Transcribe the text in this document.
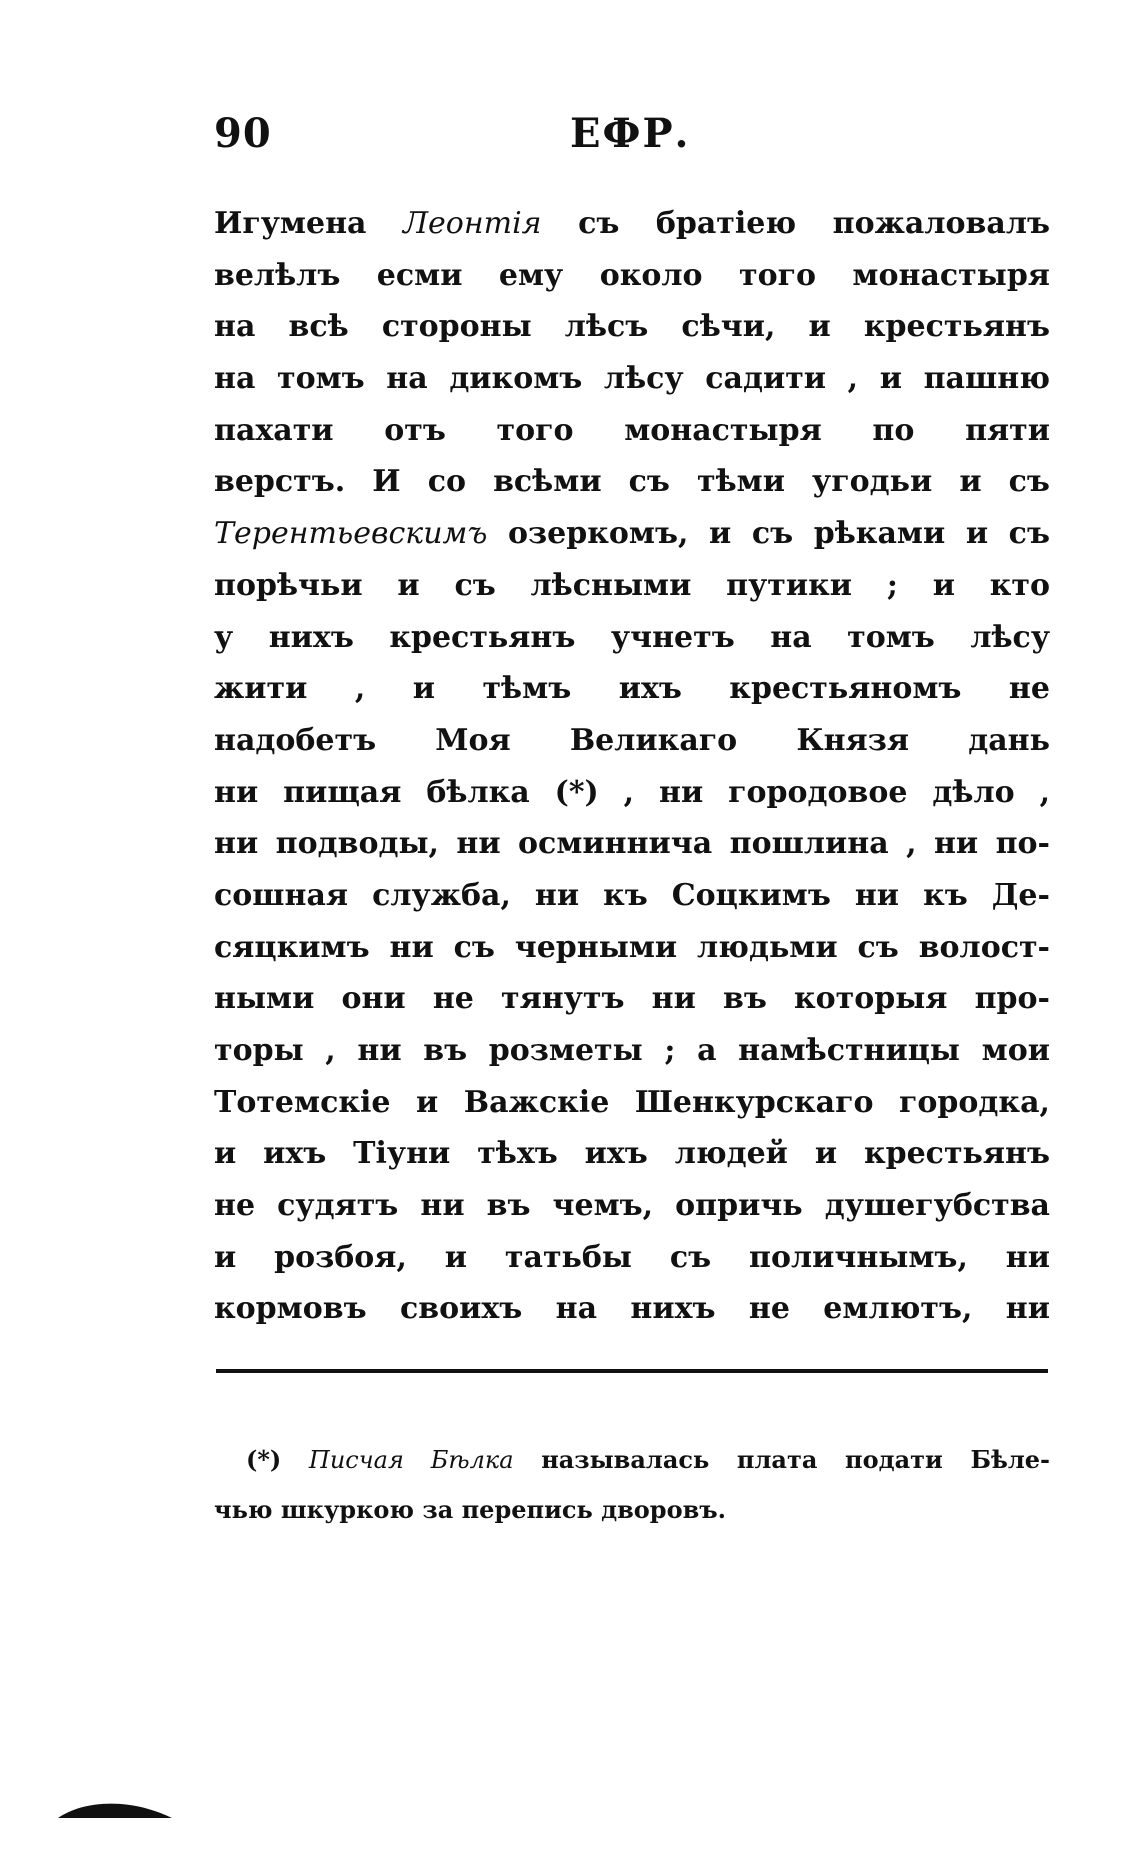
90	ЕФР.
Игумена Леонтiя съ братiею пожаловалъ
велѣлъ есми ему около того монастыря
на всѣ стороны лѣсъ сѣчи, и крестьянъ
на томъ на дикомъ лѣсу садити , и пашню
пахати отъ того монастыря по пяти
верстъ. И со всѣми съ тѣми угодьи и съ
Терентьевскимъ озеркомъ, и съ рѣками и съ
порѣчьи и съ лѣсными путики ; и кто
у нихъ крестьянъ учнетъ на томъ лѣсу
жити , и тѣмъ ихъ крестьяномъ не
надобетъ Моя Великаго Князя дань
ни пищая бѣлка (*) , ни городовое дѣло ,
ни подводы, ни осминнича пошлина , ни по-
сошная служба, ни къ Соцкимъ ни къ Де-
сяцкимъ ни съ черными людьми съ волост-
ными они не тянутъ ни въ которыя про-
торы , ни въ розметы ; а намѣстницы мои
Тотемскiе и Важскiе Шенкурскаго городка,
и ихъ Тiуни тѣхъ ихъ людей и крестьянъ
не судятъ ни въ чемъ, опричь душегубства
и розбоя, и татьбы съ поличнымъ, ни
кормовъ своихъ на нихъ не емлютъ, ни
(*) Писчая Бѣлка называлась плата подати Бѣле-
чью шкуркою за перепись дворовъ.
